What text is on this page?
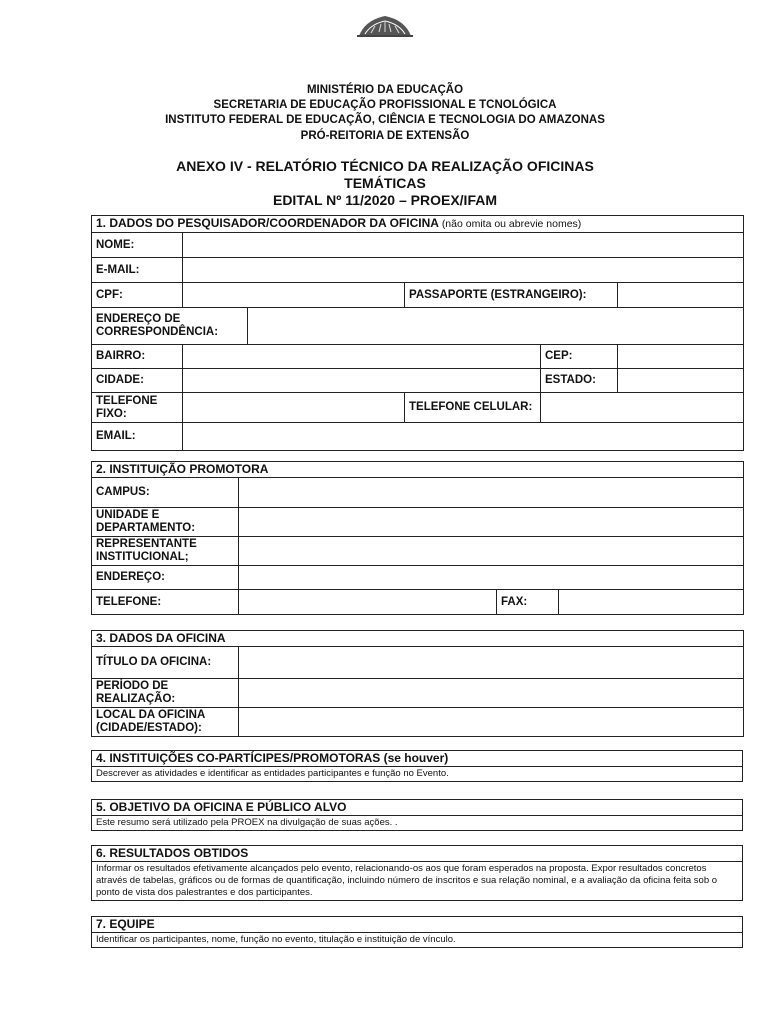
MINISTÉRIO DA EDUCAÇÃO
SECRETARIA DE EDUCAÇÃO PROFISSIONAL E TCNOLÓGICA
INSTITUTO FEDERAL DE EDUCAÇÃO, CIÊNCIA E TECNOLOGIA DO AMAZONAS
PRÓ-REITORIA DE EXTENSÃO
ANEXO IV - RELATÓRIO TÉCNICO DA REALIZAÇÃO OFICINAS
TEMÁTICAS
EDITAL Nº 11/2020 – PROEX/IFAM
1. DADOS DO PESQUISADOR/COORDENADOR DA OFICINA (não omita ou abrevie nomes)					
NOME:					
E-MAIL:					
CPF:			PASSAPORTE (ESTRANGEIRO):		
ENDEREÇO DE CORRESPONDÊNCIA:					
BAIRRO:				CEP:	
CIDADE:				ESTADO:	
TELEFONE FIXO:			TELEFONE CELULAR:		
EMAIL:					
2. INSTITUIÇÃO PROMOTORA			
CAMPUS:			
UNIDADE E DEPARTAMENTO:			
REPRESENTANTE INSTITUCIONAL;			
ENDEREÇO:			
TELEFONE:		FAX:	
3. DADOS DA OFICINA	
TÍTULO DA OFICINA:	
PERÍODO DE REALIZAÇÃO:	
LOCAL DA OFICINA (CIDADE/ESTADO):	
4. INSTITUIÇÕES CO-PARTÍCIPES/PROMOTORAS (se houver)
Descrever as atividades e identificar as entidades participantes e função no Evento.
5. OBJETIVO DA OFICINA E PÚBLICO ALVO
Este resumo será utilizado pela PROEX na divulgação de suas ações. .
6. RESULTADOS OBTIDOS
Informar os resultados efetivamente alcançados pelo evento, relacionando-os aos que foram esperados na proposta. Expor resultados concretos através de tabelas, gráficos ou de formas de quantificação, incluindo número de inscritos e sua relação nominal, e a avaliação da oficina feita sob o ponto de vista dos palestrantes e dos participantes.
7. EQUIPE
Identificar os participantes, nome, função no evento, titulação e instituição de vínculo.
